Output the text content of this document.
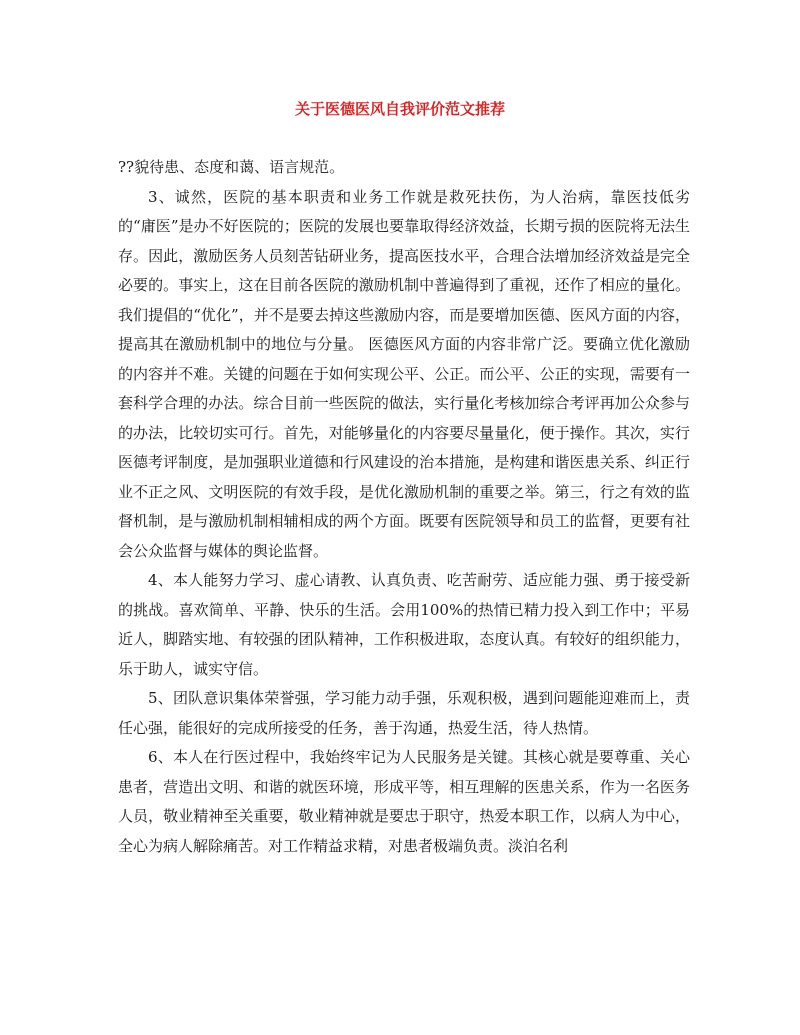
关于医德医风自我评价范文推荐

??貌待患、态度和蔼、语言规范。

3、诚然，医院的基本职责和业务工作就是救死扶伤，为人治病，靠医技低劣的“庸医”是办不好医院的；医院的发展也要靠取得经济效益，长期亏损的医院将无法生存。因此，激励医务人员刻苦钻研业务，提高医技水平，合理合法增加经济效益是完全必要的。事实上，这在目前各医院的激励机制中普遍得到了重视，还作了相应的量化。我们提倡的“优化”，并不是要去掉这些激励内容，而是要增加医德、医风方面的内容，提高其在激励机制中的地位与分量。 医德医风方面的内容非常广泛。要确立优化激励的内容并不难。关键的问题在于如何实现公平、公正。而公平、公正的实现，需要有一套科学合理的办法。综合目前一些医院的做法，实行量化考核加综合考评再加公众参与的办法，比较切实可行。首先，对能够量化的内容要尽量量化，便于操作。其次，实行医德考评制度，是加强职业道德和行风建设的治本措施，是构建和谐医患关系、纠正行业不正之风、文明医院的有效手段，是优化激励机制的重要之举。第三，行之有效的监督机制，是与激励机制相辅相成的两个方面。既要有医院领导和员工的监督，更要有社会公众监督与媒体的舆论监督。

4、本人能努力学习、虚心请教、认真负责、吃苦耐劳、适应能力强、勇于接受新的挑战。喜欢简单、平静、快乐的生活。会用100%的热情已精力投入到工作中；平易近人，脚踏实地、有较强的团队精神，工作积极进取，态度认真。有较好的组织能力，乐于助人，诚实守信。

5、团队意识集体荣誉强，学习能力动手强，乐观积极，遇到问题能迎难而上，责任心强，能很好的完成所接受的任务，善于沟通，热爱生活，待人热情。

6、本人在行医过程中，我始终牢记为人民服务是关键。其核心就是要尊重、关心患者，营造出文明、和谐的就医环境，形成平等，相互理解的医患关系，作为一名医务人员，敬业精神至关重要，敬业精神就是要忠于职守，热爱本职工作，以病人为中心，全心为病人解除痛苦。对工作精益求精，对患者极端负责。淡泊名利
